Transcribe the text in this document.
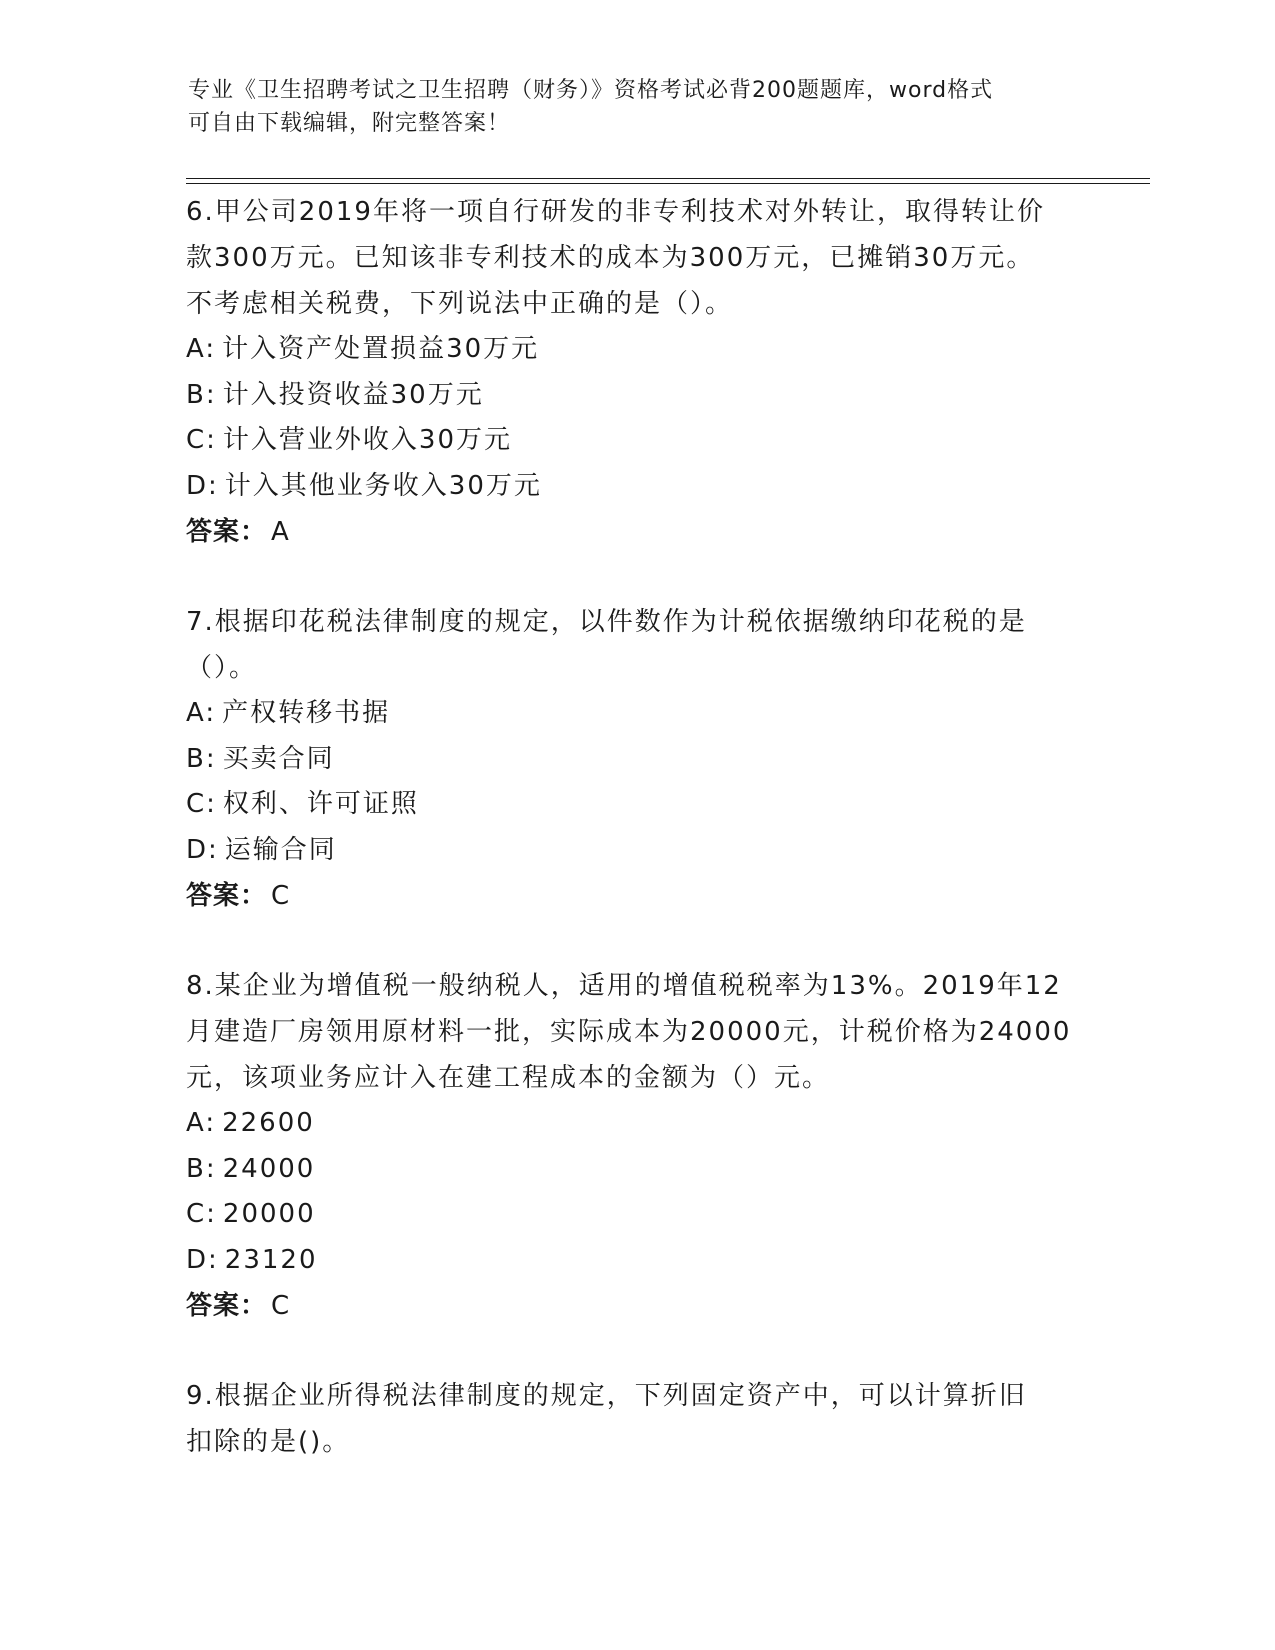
专业《卫生招聘考试之卫生招聘（财务）》资格考试必背200题题库，word格式
可自由下载编辑，附完整答案！
6.甲公司2019年将一项自行研发的非专利技术对外转让，取得转让价
款300万元。已知该非专利技术的成本为300万元，已摊销30万元。
不考虑相关税费，下列说法中正确的是（）。
A: 计入资产处置损益30万元
B: 计入投资收益30万元
C: 计入营业外收入30万元
D: 计入其他业务收入30万元
答案： A
7.根据印花税法律制度的规定，以件数作为计税依据缴纳印花税的是
（）。
A: 产权转移书据
B: 买卖合同
C: 权利、许可证照
D: 运输合同
答案： C
8.某企业为增值税一般纳税人，适用的增值税税率为13%。2019年12
月建造厂房领用原材料一批，实际成本为20000元，计税价格为24000
元，该项业务应计入在建工程成本的金额为（）元。
A: 22600
B: 24000
C: 20000
D: 23120
答案： C
9.根据企业所得税法律制度的规定，下列固定资产中，可以计算折旧
扣除的是()。
